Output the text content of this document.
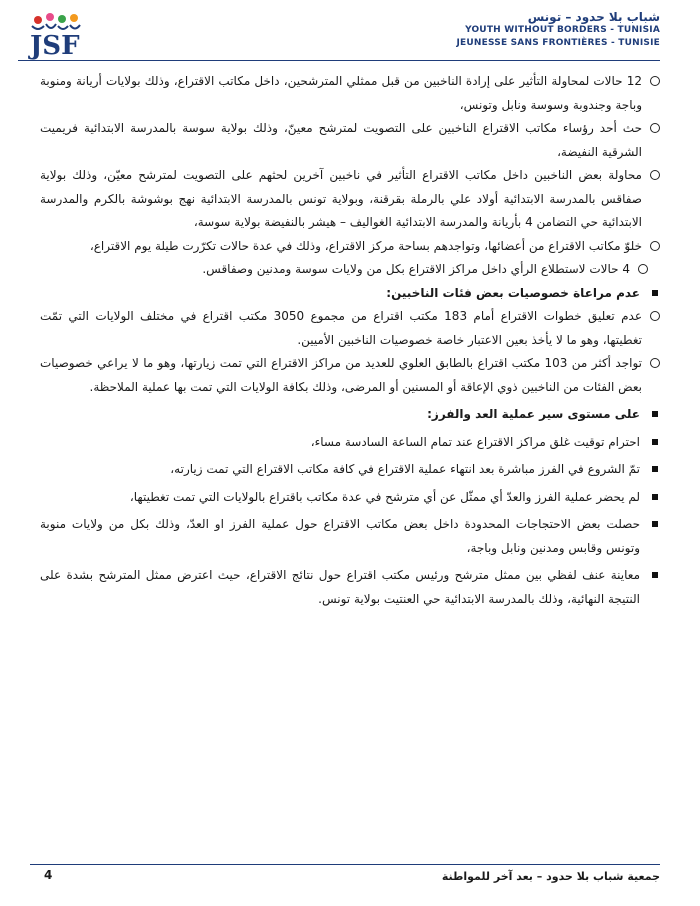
JSF
شباب بلا حدود – تونس
YOUTH WITHOUT BORDERS - TUNISIA
JEUNESSE SANS FRONTIÈRES - TUNISIE
12 حالات لمحاولة التأثير على إرادة الناخبين من قبل ممثلي المترشحين، داخل مكاتب الاقتراع، وذلك بولايات أريانة ومنوبة وباجة وجندوبة وسوسة ونابل وتونس،
حث أحد رؤساء مكاتب الاقتراع الناخبين على التصويت لمترشح معينّ، وذلك بولاية سوسة بالمدرسة الابتدائية فريميت الشرقية النفيضة،
محاولة بعض الناخبين داخل مكاتب الاقتراع التأثير في ناخبين آخرين لحثهم على التصويت لمترشح معيّن، وذلك بولاية صفاقس بالمدرسة الابتدائية أولاد علي بالرملة بقرقنة، وبولاية تونس بالمدرسة الابتدائية نهج بوشوشة بالكرم والمدرسة الابتدائية حي التضامن 4 بأريانة والمدرسة الابتدائية الغواليف – هيشر بالنفيضة بولاية سوسة،
خلوّ مكاتب الاقتراع من أعضائها، وتواجدهم بساحة مركز الاقتراع، وذلك في عدة حالات تكرّرت طيلة يوم الاقتراع،
4 حالات لاستطلاع الرأي داخل مراكز الاقتراع بكل من ولايات سوسة ومدنين وصفاقس.
عدم مراعاة خصوصيات بعض فئات الناخبين:
عدم تعليق خطوات الاقتراع أمام 183 مكتب اقتراع من مجموع 3050 مكتب اقتراع في مختلف الولايات التي تمّت تغطيتها، وهو ما لا يأخذ بعين الاعتبار خاصة خصوصيات الناخبين الأميين.
تواجد أكثر من 103 مكتب اقتراع بالطابق العلوي للعديد من مراكز الاقتراع التي تمت زيارتها، وهو ما لا يراعي خصوصيات بعض الفئات من الناخبين ذوي الإعاقة أو المسنين أو المرضى، وذلك بكافة الولايات التي تمت بها عملية الملاحظة.
على مستوى سير عملية العد والفرز:
احترام توقيت غلق مراكز الاقتراع عند تمام الساعة السادسة مساء،
تمّ الشروع في الفرز مباشرة بعد انتهاء عملية الاقتراع في كافة مكاتب الاقتراع التي تمت زيارته،
لم يحضر عملية الفرز والعدّ أي ممثّل عن أي مترشح في عدة مكاتب باقتراع بالولايات التي تمت تغطيتها،
حصلت بعض الاحتجاجات المحدودة داخل بعض مكاتب الاقتراع حول عملية الفرز او العدّ، وذلك بكل من ولايات منوبة وتونس وقابس ومدنين ونابل وباجة،
معاينة عنف لفظي بين ممثل مترشح ورئيس مكتب اقتراع حول نتائج الاقتراع، حيث اعترض ممثل المترشح بشدة على النتيجة النهائية، وذلك بالمدرسة الابتدائية حي العنتيت بولاية تونس.
جمعية شباب بلا حدود – بعد آخر للمواطنة
4
